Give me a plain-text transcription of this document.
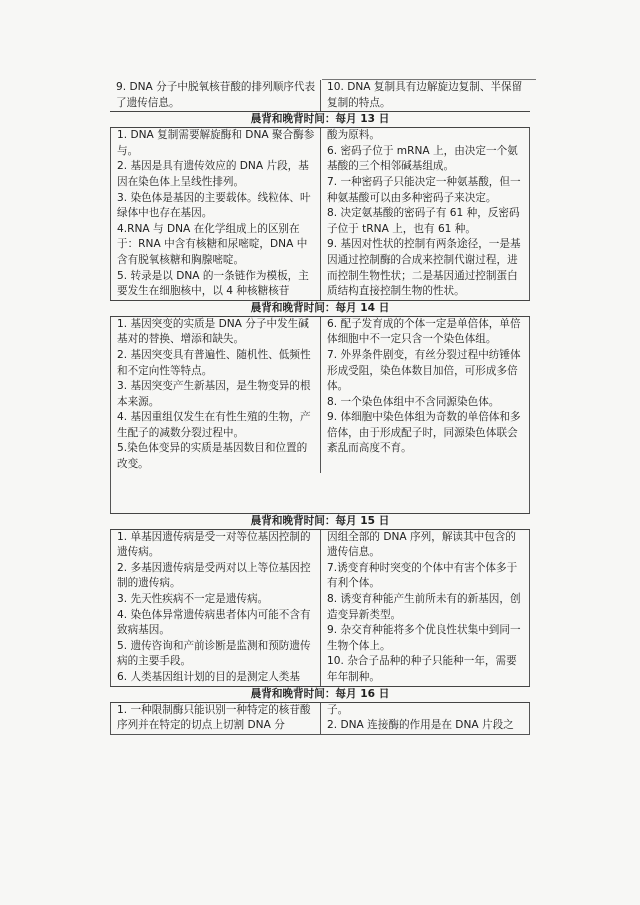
9. DNA 分子中脱氧核苷酸的排列顺序代表了遗传信息。

10. DNA 复制具有边解旋边复制、半保留复制的特点。

晨背和晚背时间：每月 13 日

1. DNA 复制需要解旋酶和 DNA 聚合酶参与。

2. 基因是具有遗传效应的 DNA 片段，基因在染色体上呈线性排列。

3. 染色体是基因的主要载体。线粒体、叶绿体中也存在基因。

4.RNA 与 DNA 在化学组成上的区别在于：RNA 中含有核糖和尿嘧啶，DNA 中含有脱氧核糖和胸腺嘧啶。

5. 转录是以 DNA 的一条链作为模板，主要发生在细胞核中，以 4 种核糖核苷

酸为原料。

6. 密码子位于 mRNA 上，由决定一个氨基酸的三个相邻碱基组成。

7. 一种密码子只能决定一种氨基酸，但一种氨基酸可以由多种密码子来决定。

8. 决定氨基酸的密码子有 61 种，反密码子位于 tRNA 上，也有 61 种。

9. 基因对性状的控制有两条途径，一是基因通过控制酶的合成来控制代谢过程，进而控制生物性状；二是基因通过控制蛋白质结构直接控制生物的性状。

晨背和晚背时间：每月 14 日

1. 基因突变的实质是 DNA 分子中发生碱基对的替换、增添和缺失。

2. 基因突变具有普遍性、随机性、低频性和不定向性等特点。

3. 基因突变产生新基因，是生物变异的根本来源。

4. 基因重组仅发生在有性生殖的生物，产生配子的减数分裂过程中。

5.染色体变异的实质是基因数目和位置的改变。

6. 配子发育成的个体一定是单倍体，单倍体细胞中不一定只含一个染色体组。

7. 外界条件剧变，有丝分裂过程中纺锤体形成受阻，染色体数目加倍，可形成多倍体。

8. 一个染色体组中不含同源染色体。

9. 体细胞中染色体组为奇数的单倍体和多倍体，由于形成配子时，同源染色体联会紊乱而高度不育。

晨背和晚背时间：每月 15 日

1. 单基因遗传病是受一对等位基因控制的遗传病。

2. 多基因遗传病是受两对以上等位基因控制的遗传病。

3. 先天性疾病不一定是遗传病。

4. 染色体异常遗传病患者体内可能不含有致病基因。

5. 遗传咨询和产前诊断是监测和预防遗传病的主要手段。

6. 人类基因组计划的目的是测定人类基

因组全部的 DNA 序列，解读其中包含的遗传信息。

7.诱变育种时突变的个体中有害个体多于有利个体。

8. 诱变育种能产生前所未有的新基因，创造变异新类型。

9. 杂交育种能将多个优良性状集中到同一生物个体上。

10. 杂合子品种的种子只能种一年，需要年年制种。

晨背和晚背时间：每月 16 日

1. 一种限制酶只能识别一种特定的核苷酸序列并在特定的切点上切割 DNA 分

子。

2. DNA 连接酶的作用是在 DNA 片段之
